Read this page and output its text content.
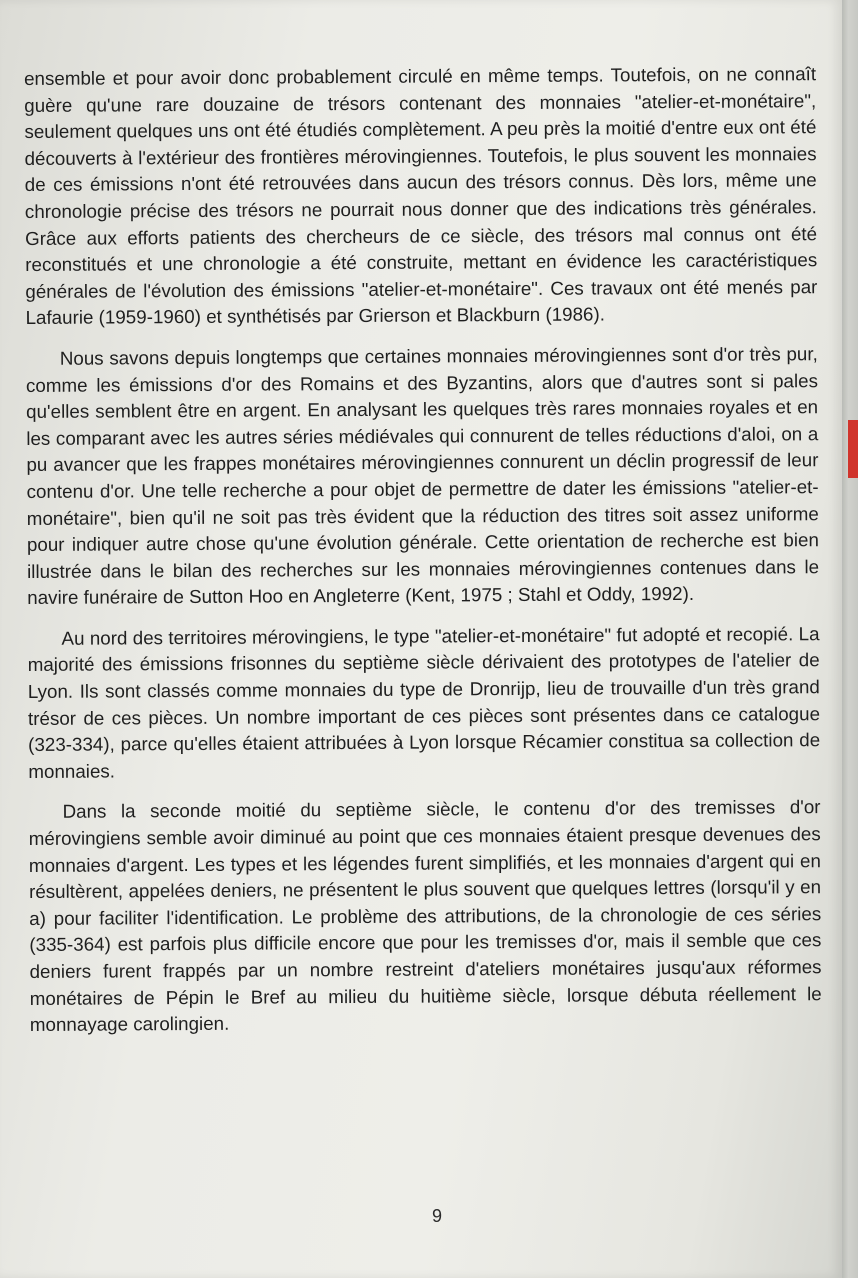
ensemble et pour avoir donc probablement circulé en même temps. Toutefois, on ne connaît guère qu'une rare douzaine de trésors contenant des monnaies "atelier-et-monétaire", seulement quelques uns ont été étudiés complètement. A peu près la moitié d'entre eux ont été découverts à l'extérieur des frontières mérovingiennes. Toutefois, le plus souvent les monnaies de ces émissions n'ont été retrouvées dans aucun des trésors connus. Dès lors, même une chronologie précise des trésors ne pourrait nous donner que des indications très générales. Grâce aux efforts patients des chercheurs de ce siècle, des trésors mal connus ont été reconstitués et une chronologie a été construite, mettant en évidence les caractéristiques générales de l'évolution des émissions "atelier-et-monétaire". Ces travaux ont été menés par Lafaurie (1959-1960) et synthétisés par Grierson et Blackburn (1986).

Nous savons depuis longtemps que certaines monnaies mérovingiennes sont d'or très pur, comme les émissions d'or des Romains et des Byzantins, alors que d'autres sont si pales qu'elles semblent être en argent. En analysant les quelques très rares monnaies royales et en les comparant avec les autres séries médiévales qui connurent de telles réductions d'aloi, on a pu avancer que les frappes monétaires mérovingiennes connurent un déclin progressif de leur contenu d'or. Une telle recherche a pour objet de permettre de dater les émissions "atelier-et-monétaire", bien qu'il ne soit pas très évident que la réduction des titres soit assez uniforme pour indiquer autre chose qu'une évolution générale. Cette orientation de recherche est bien illustrée dans le bilan des recherches sur les monnaies mérovingiennes contenues dans le navire funéraire de Sutton Hoo en Angleterre (Kent, 1975 ; Stahl et Oddy, 1992).

Au nord des territoires mérovingiens, le type "atelier-et-monétaire" fut adopté et recopié. La majorité des émissions frisonnes du septième siècle dérivaient des prototypes de l'atelier de Lyon. Ils sont classés comme monnaies du type de Dronrijp, lieu de trouvaille d'un très grand trésor de ces pièces. Un nombre important de ces pièces sont présentes dans ce catalogue (323-334), parce qu'elles étaient attribuées à Lyon lorsque Récamier constitua sa collection de monnaies.

Dans la seconde moitié du septième siècle, le contenu d'or des tremisses d'or mérovingiens semble avoir diminué au point que ces monnaies étaient presque devenues des monnaies d'argent. Les types et les légendes furent simplifiés, et les monnaies d'argent qui en résultèrent, appelées deniers, ne présentent le plus souvent que quelques lettres (lorsqu'il y en a) pour faciliter l'identification. Le problème des attributions, de la chronologie de ces séries (335-364) est parfois plus difficile encore que pour les tremisses d'or, mais il semble que ces deniers furent frappés par un nombre restreint d'ateliers monétaires jusqu'aux réformes monétaires de Pépin le Bref au milieu du huitième siècle, lorsque débuta réellement le monnayage carolingien.

9
